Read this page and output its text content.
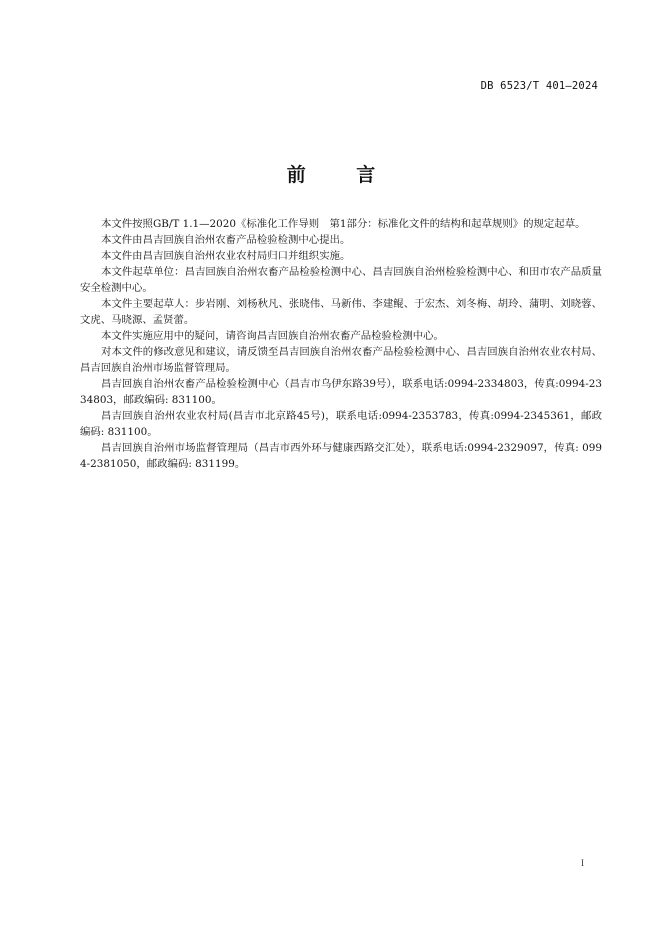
DB 6523/T 401—2024
前 言

本文件按照GB/T 1.1—2020《标准化工作导则　第1部分：标准化文件的结构和起草规则》的规定起草。

本文件由昌吉回族自治州农畜产品检验检测中心提出。

本文件由昌吉回族自治州农业农村局归口并组织实施。

本文件起草单位：昌吉回族自治州农畜产品检验检测中心、昌吉回族自治州检验检测中心、和田市农产品质量安全检测中心。

本文件主要起草人：步岩刚、刘杨秋凡、张晓伟、马新伟、李建鲲、于宏杰、刘冬梅、胡玲、蒲明、刘晓蓉、文虎、马晓源、孟贤蕾。

本文件实施应用中的疑问，请咨询昌吉回族自治州农畜产品检验检测中心。

对本文件的修改意见和建议，请反馈至昌吉回族自治州农畜产品检验检测中心、昌吉回族自治州农业农村局、昌吉回族自治州市场监督管理局。

昌吉回族自治州农畜产品检验检测中心（昌吉市乌伊东路39号），联系电话:0994-2334803，传真:0994-2334803，邮政编码: 831100。

昌吉回族自治州农业农村局(昌吉市北京路45号)，联系电话:0994-2353783，传真:0994-2345361，邮政编码: 831100。

昌吉回族自治州市场监督管理局（昌吉市西外环与健康西路交汇处），联系电话:0994-2329097，传真: 0994-2381050，邮政编码: 831199。

I
